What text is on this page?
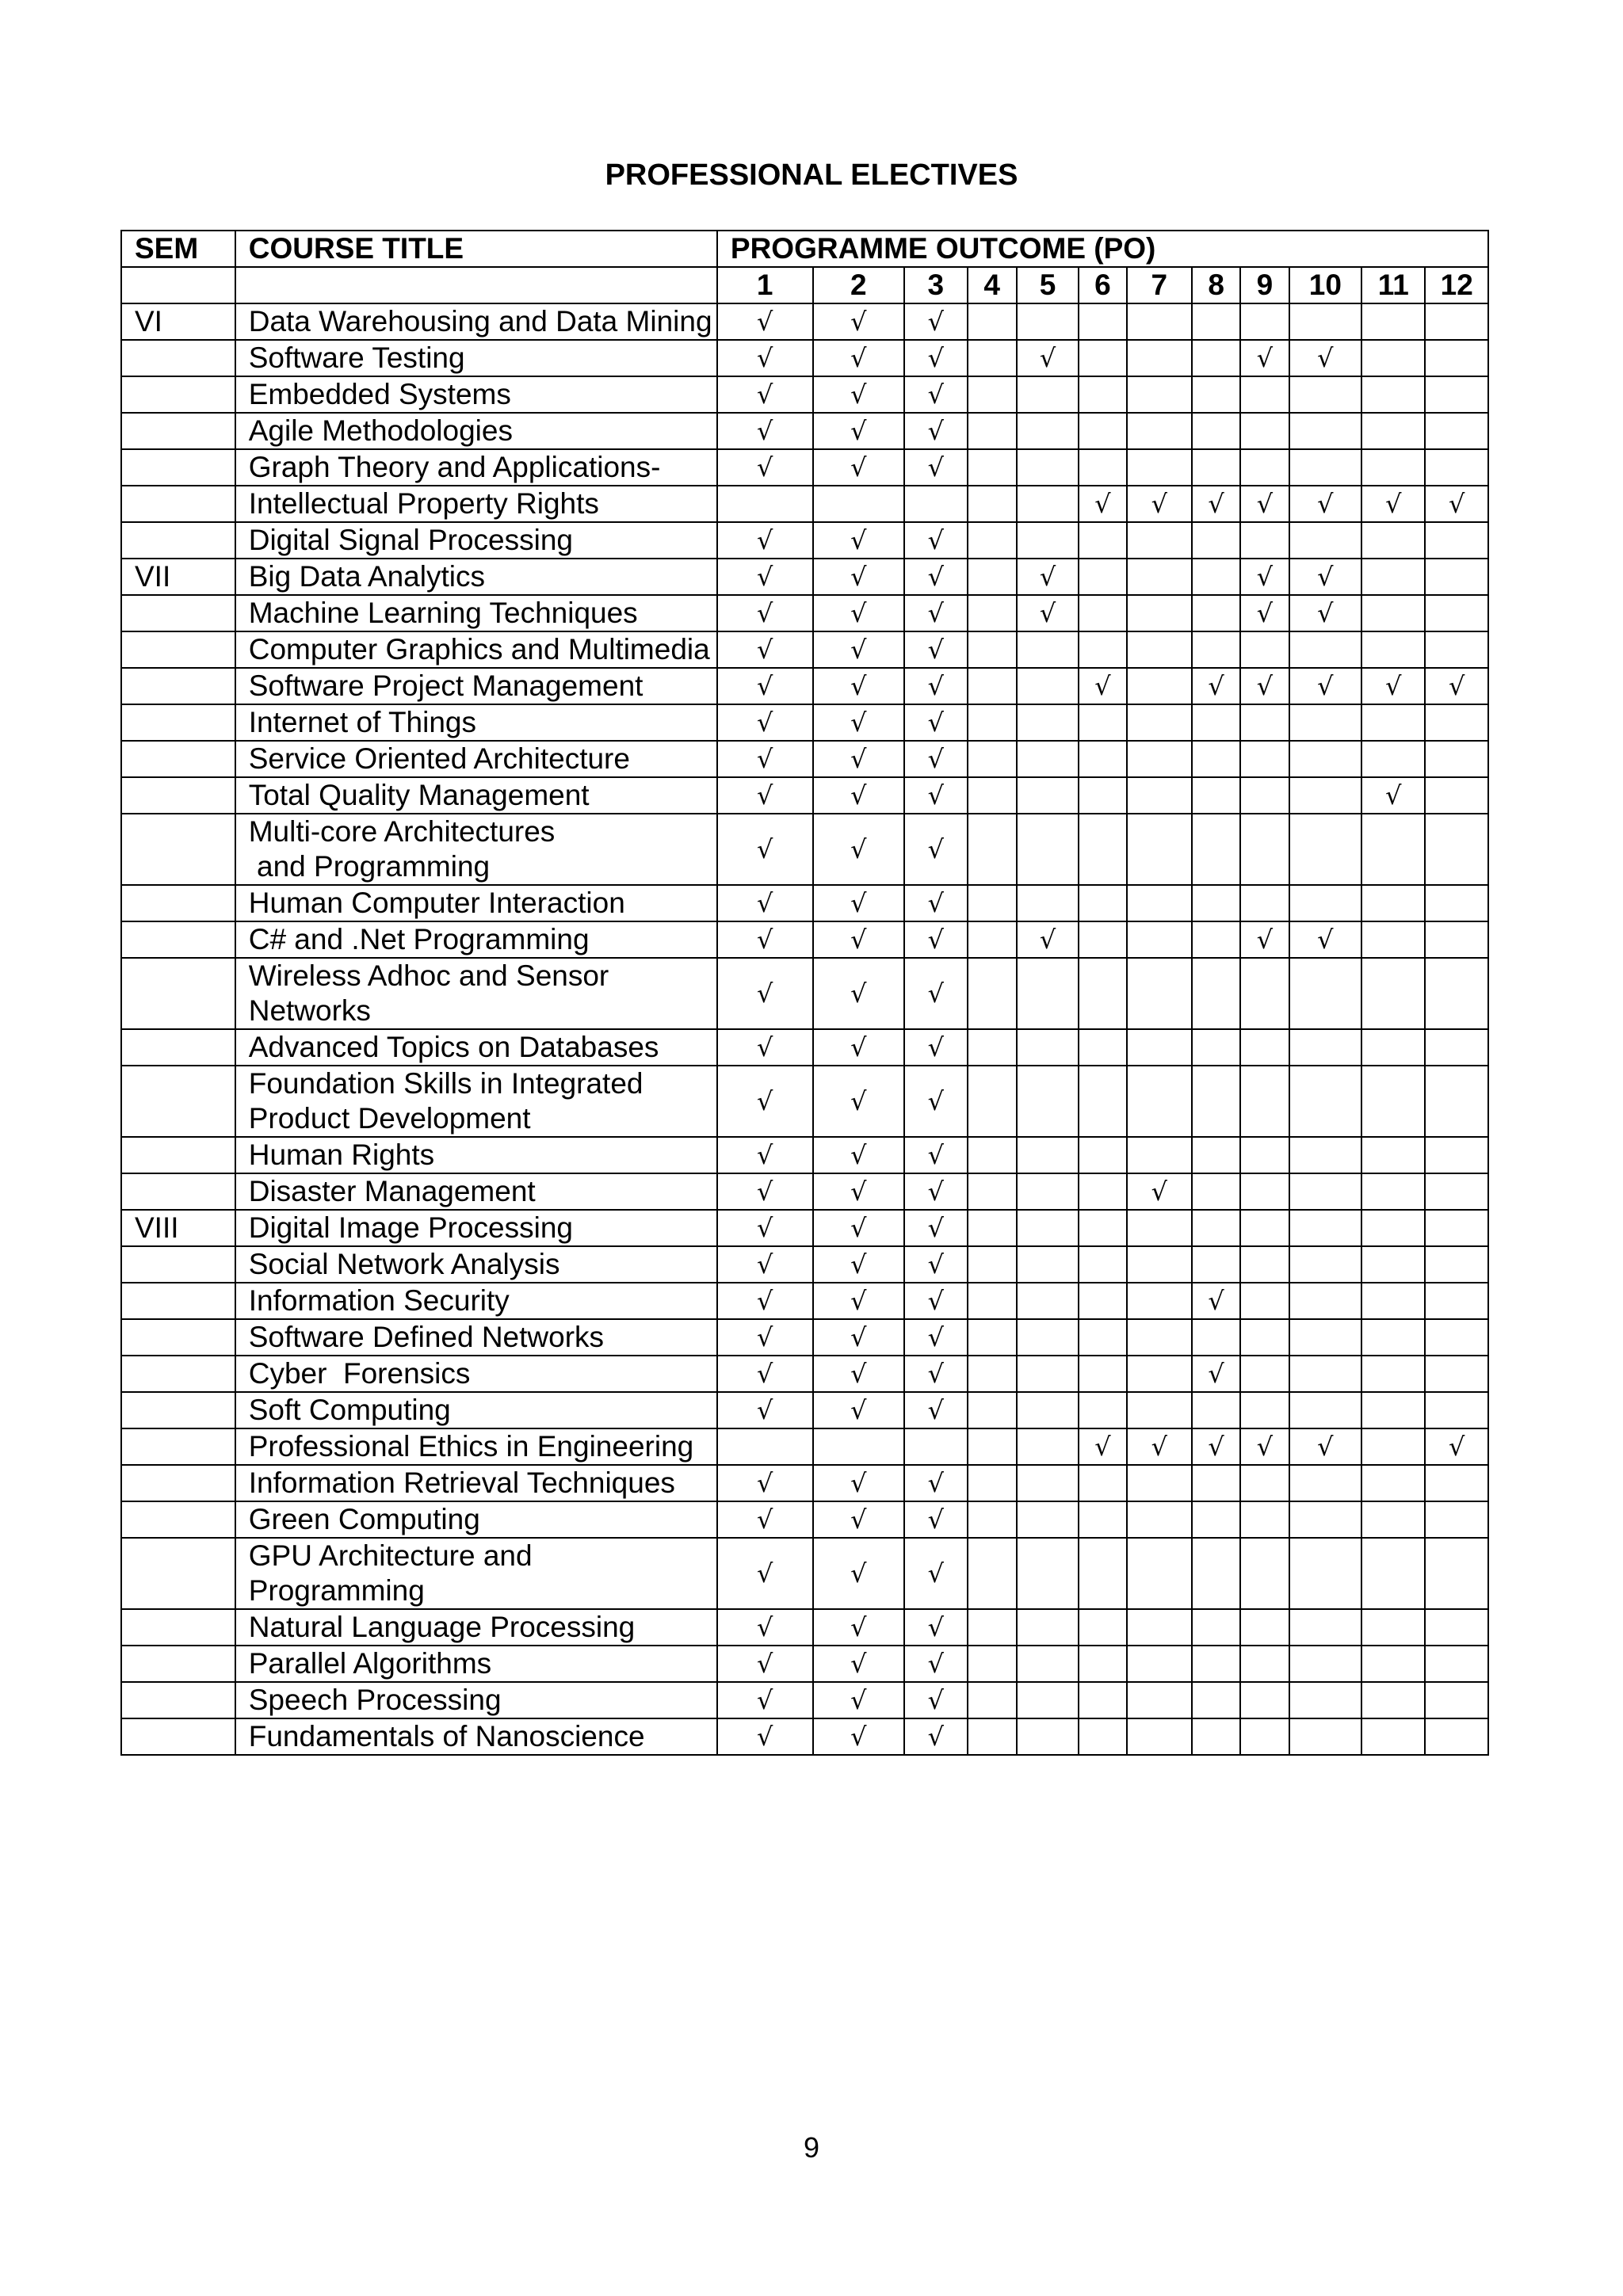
PROFESSIONAL ELECTIVES
SEM	COURSE TITLE	PROGRAMME OUTCOME (PO)											
		1	2	3	4	5	6	7	8	9	10	11	12
VI	Data Warehousing and Data Mining	√	√	√									
	Software Testing	√	√	√		√				√	√		
	Embedded Systems	√	√	√									
	Agile Methodologies	√	√	√									
	Graph Theory and Applications-	√	√	√									
	Intellectual Property Rights						√	√	√	√	√	√	√
	Digital Signal Processing	√	√	√									
VII	Big Data Analytics	√	√	√		√				√	√		
	Machine Learning Techniques	√	√	√		√				√	√		
	Computer Graphics and Multimedia	√	√	√									
	Software Project Management	√	√	√			√		√	√	√	√	√
	Internet of Things	√	√	√									
	Service Oriented Architecture	√	√	√									
	Total Quality Management	√	√	√								√	
	Multi-core Architectures
and Programming	√	√	√									
	Human Computer Interaction	√	√	√									
	C# and .Net Programming	√	√	√		√				√	√		
	Wireless Adhoc and Sensor Networks	√	√	√									
	Advanced Topics on Databases	√	√	√									
	Foundation Skills in Integrated Product Development	√	√	√									
	Human Rights	√	√	√									
	Disaster Management	√	√	√				√					
VIII	Digital Image Processing	√	√	√									
	Social Network Analysis	√	√	√									
	Information Security	√	√	√					√				
	Software Defined Networks	√	√	√									
	Cyber  Forensics	√	√	√					√				
	Soft Computing	√	√	√									
	Professional Ethics in Engineering						√	√	√	√	√		√
	Information Retrieval Techniques	√	√	√									
	Green Computing	√	√	√									
	GPU Architecture and Programming	√	√	√									
	Natural Language Processing	√	√	√									
	Parallel Algorithms	√	√	√									
	Speech Processing	√	√	√									
	Fundamentals of Nanoscience	√	√	√									
9
